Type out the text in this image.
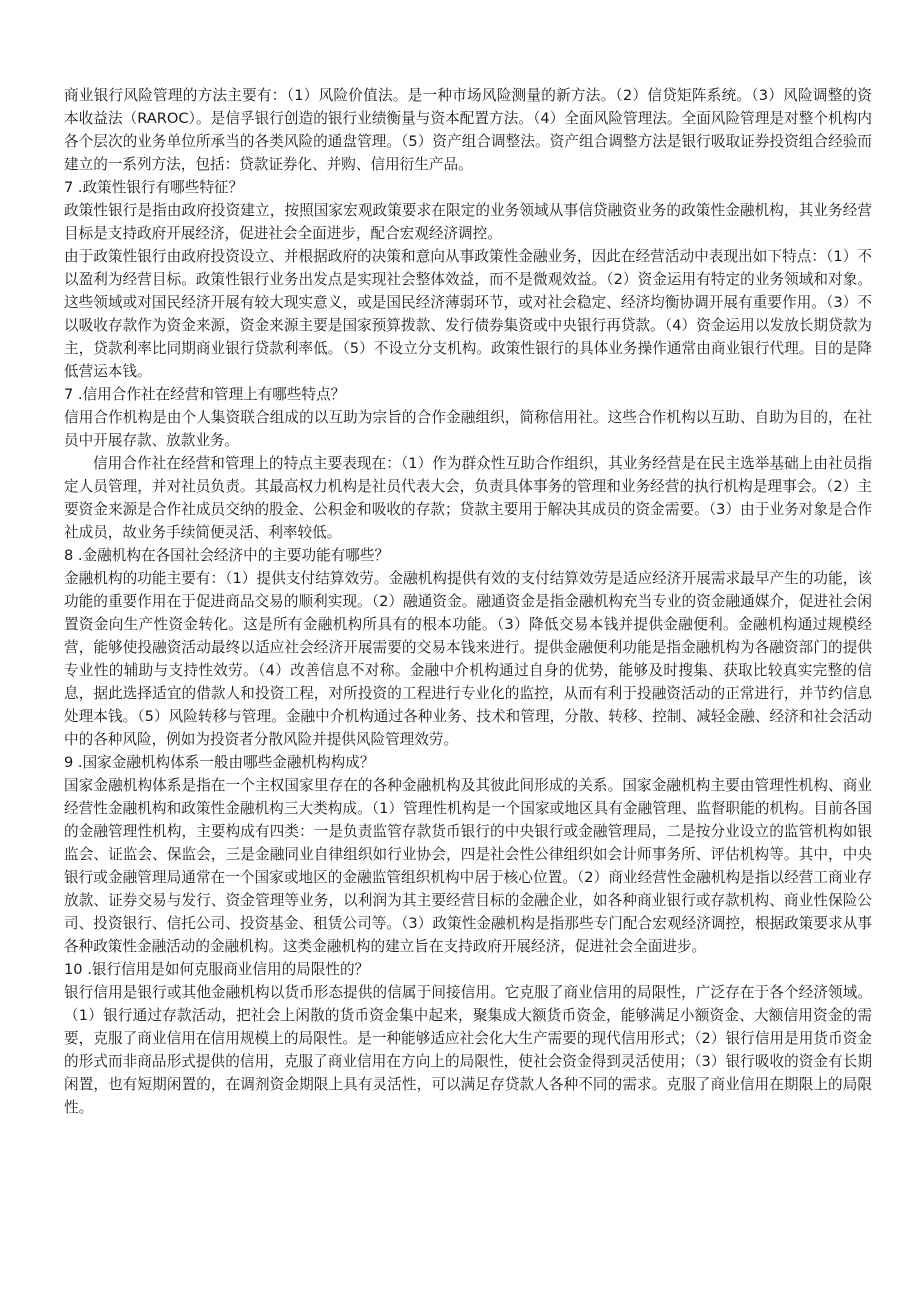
商业银行风险管理的方法主要有：（1）风险价值法。是一种市场风险测量的新方法。（2）信贷矩阵系统。（3）风险调整的资本收益法（RAROC）。是信孚银行创造的银行业绩衡量与资本配置方法。（4）全面风险管理法。全面风险管理是对整个机构内各个层次的业务单位所承当的各类风险的通盘管理。（5）资产组合调整法。资产组合调整方法是银行吸取证券投资组合经验而建立的一系列方法，包括：贷款证券化、并购、信用衍生产品。

7 .政策性银行有哪些特征？

政策性银行是指由政府投资建立，按照国家宏观政策要求在限定的业务领域从事信贷融资业务的政策性金融机构，其业务经营目标是支持政府开展经济，促进社会全面进步，配合宏观经济调控。

由于政策性银行由政府投资设立、并根据政府的决策和意向从事政策性金融业务，因此在经营活动中表现出如下特点：（1）不以盈利为经营目标。政策性银行业务出发点是实现社会整体效益，而不是微观效益。（2）资金运用有特定的业务领域和对象。这些领域或对国民经济开展有较大现实意义，或是国民经济薄弱环节，或对社会稳定、经济均衡协调开展有重要作用。（3）不以吸收存款作为资金来源，资金来源主要是国家预算拨款、发行债券集资或中央银行再贷款。（4）资金运用以发放长期贷款为主，贷款利率比同期商业银行贷款利率低。（5）不设立分支机构。政策性银行的具体业务操作通常由商业银行代理。目的是降低营运本钱。

7 .信用合作社在经营和管理上有哪些特点？

信用合作机构是由个人集资联合组成的以互助为宗旨的合作金融组织，简称信用社。这些合作机构以互助、自助为目的，在社员中开展存款、放款业务。

信用合作社在经营和管理上的特点主要表现在：（1）作为群众性互助合作组织，其业务经营是在民主选举基础上由社员指定人员管理，并对社员负责。其最高权力机构是社员代表大会，负责具体事务的管理和业务经营的执行机构是理事会。（2）主要资金来源是合作社成员交纳的股金、公积金和吸收的存款；贷款主要用于解决其成员的资金需要。（3）由于业务对象是合作社成员，故业务手续简便灵活、利率较低。

8 .金融机构在各国社会经济中的主要功能有哪些？

金融机构的功能主要有：（1）提供支付结算效劳。金融机构提供有效的支付结算效劳是适应经济开展需求最早产生的功能，该功能的重要作用在于促进商品交易的顺利实现。（2）融通资金。融通资金是指金融机构充当专业的资金融通媒介，促进社会闲置资金向生产性资金转化。这是所有金融机构所具有的根本功能。（3）降低交易本钱并提供金融便利。金融机构通过规模经营，能够使投融资活动最终以适应社会经济开展需要的交易本钱来进行。提供金融便利功能是指金融机构为各融资部门的提供专业性的辅助与支持性效劳。（4）改善信息不对称。金融中介机构通过自身的优势，能够及时搜集、获取比较真实完整的信息，据此选择适宜的借款人和投资工程，对所投资的工程进行专业化的监控，从而有利于投融资活动的正常进行，并节约信息处理本钱。（5）风险转移与管理。金融中介机构通过各种业务、技术和管理，分散、转移、控制、减轻金融、经济和社会活动中的各种风险，例如为投资者分散风险并提供风险管理效劳。

9 .国家金融机构体系一般由哪些金融机构构成？

国家金融机构体系是指在一个主权国家里存在的各种金融机构及其彼此间形成的关系。国家金融机构主要由管理性机构、商业经营性金融机构和政策性金融机构三大类构成。（1）管理性机构是一个国家或地区具有金融管理、监督职能的机构。目前各国的金融管理性机构，主要构成有四类：一是负责监管存款货币银行的中央银行或金融管理局，二是按分业设立的监管机构如银监会、证监会、保监会，三是金融同业自律组织如行业协会，四是社会性公律组织如会计师事务所、评估机构等。其中，中央银行或金融管理局通常在一个国家或地区的金融监管组织机构中居于核心位置。（2）商业经营性金融机构是指以经营工商业存放款、证券交易与发行、资金管理等业务，以利润为其主要经营目标的金融企业，如各种商业银行或存款机构、商业性保险公司、投资银行、信托公司、投资基金、租赁公司等。（3）政策性金融机构是指那些专门配合宏观经济调控，根据政策要求从事各种政策性金融活动的金融机构。这类金融机构的建立旨在支持政府开展经济，促进社会全面进步。

10 .银行信用是如何克服商业信用的局限性的？

银行信用是银行或其他金融机构以货币形态提供的信属于间接信用。它克服了商业信用的局限性，广泛存在于各个经济领域。（1）银行通过存款活动，把社会上闲散的货币资金集中起来，聚集成大额货币资金，能够满足小额资金、大额信用资金的需要，克服了商业信用在信用规模上的局限性。是一种能够适应社会化大生产需要的现代信用形式；（2）银行信用是用货币资金的形式而非商品形式提供的信用，克服了商业信用在方向上的局限性，使社会资金得到灵活使用；（3）银行吸收的资金有长期闲置，也有短期闲置的，在调剂资金期限上具有灵活性，可以满足存贷款人各种不同的需求。克服了商业信用在期限上的局限性。
